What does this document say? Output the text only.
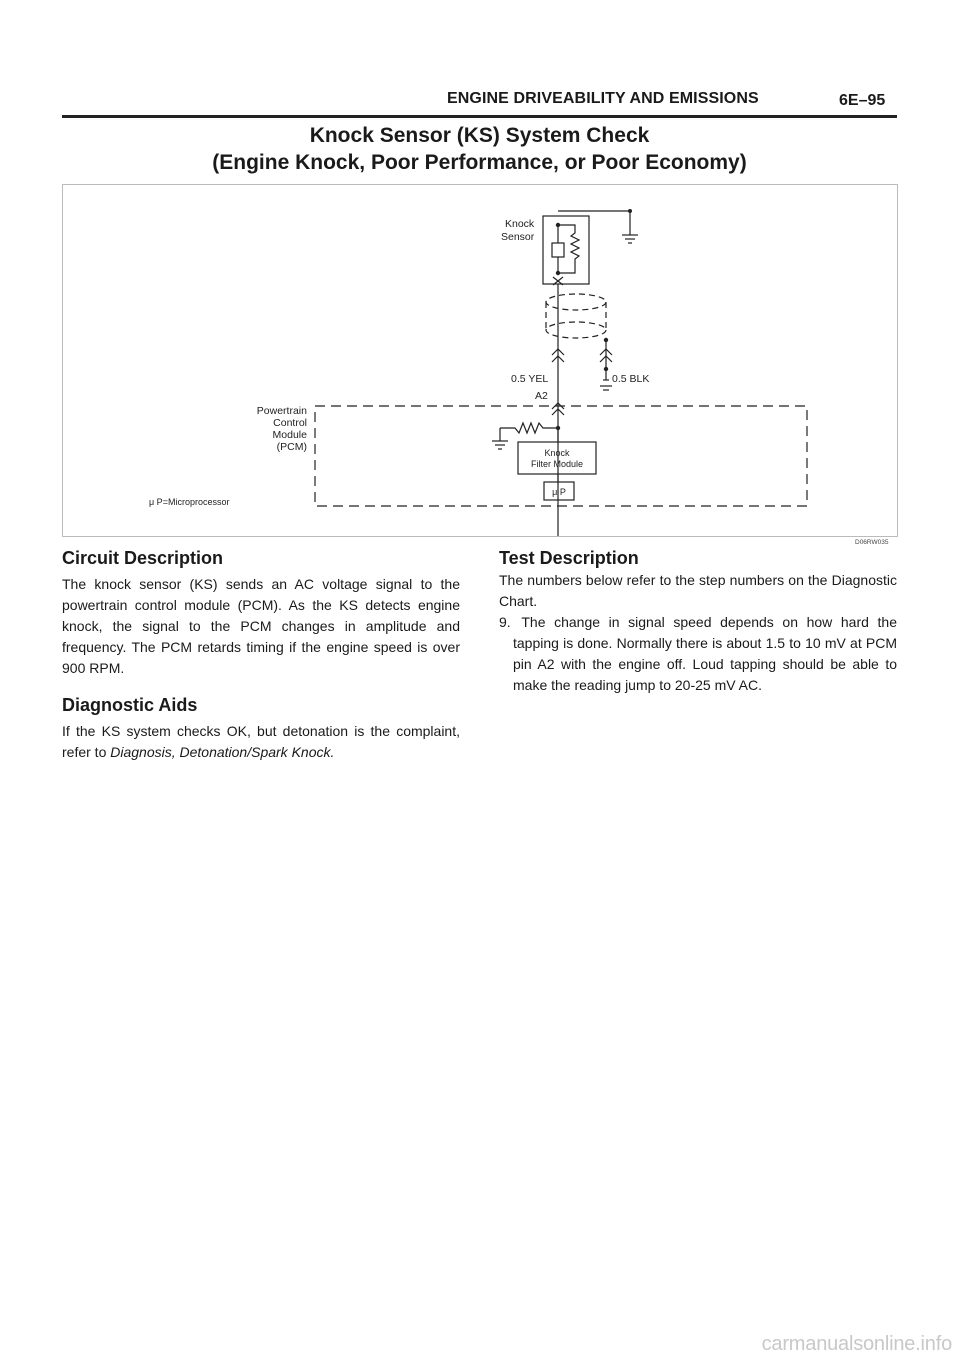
ENGINE DRIVEABILITY AND EMISSIONS	6E–95
Knock Sensor (KS) System Check
(Engine Knock, Poor Performance, or Poor Economy)
Knock
Sensor
0.5 YEL	0.5 BLK
A2
Powertrain
Control
Module
(PCM)	Knock
Filter Module
μ P
μ P=Microprocessor
D06RW035
Circuit Description

The knock sensor (KS) sends an AC voltage signal to the powertrain control module (PCM). As the KS detects engine knock, the signal to the PCM changes in amplitude and frequency. The PCM retards timing if the engine speed is over 900 RPM.

Diagnostic Aids

If the KS system checks OK, but detonation is the complaint, refer to Diagnosis, Detonation/Spark Knock.

Test Description

The numbers below refer to the step numbers on the Diagnostic Chart.

9. The change in signal speed depends on how hard the tapping is done. Normally there is about 1.5 to 10 mV at PCM pin A2 with the engine off. Loud tapping should be able to make the reading jump to 20-25 mV AC.

carmanualsonline.info
